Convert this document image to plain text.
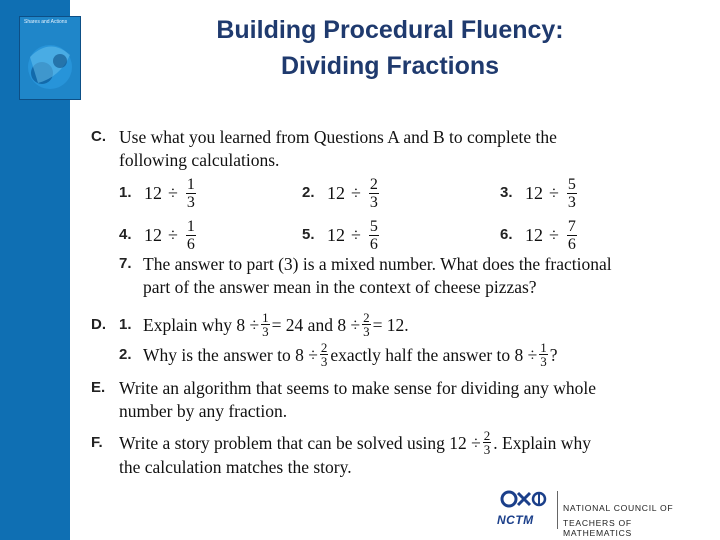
Shares and Actions	Building Procedural Fluency:
Dividing Fractions
C. Use what you learned from Questions A and B to complete the
following calculations.
1. $12 \div \frac{1}{3}$	2. $12 \div \frac{2}{3}$	3. $12 \div \frac{5}{3}$
4. $12 \div \frac{1}{6}$	5. $12 \div \frac{5}{6}$	6. $12 \div \frac{7}{6}$
7. The answer to part (3) is a mixed number. What does the fractional
part of the answer mean in the context of cheese pizzas?
D. 1. Explain why 8
÷ $\frac{1}{3} = 24$ and 8
÷ $\frac{2}{3} = 12$.
2. Why is the answer to 8
÷ $\frac{2}{3}$ exactly half the answer to 8
÷ $\frac{1}{3}$ ?
E. Write an algorithm that seems to make sense for dividing any whole
number by any fraction.
F. Write a story problem that can be solved using 12
÷ $\frac{2}{3}$ . Explain why
the calculation matches the story.
NCTM
NATIONAL COUNCIL OF
TEACHERS OF MATHEMATICS
